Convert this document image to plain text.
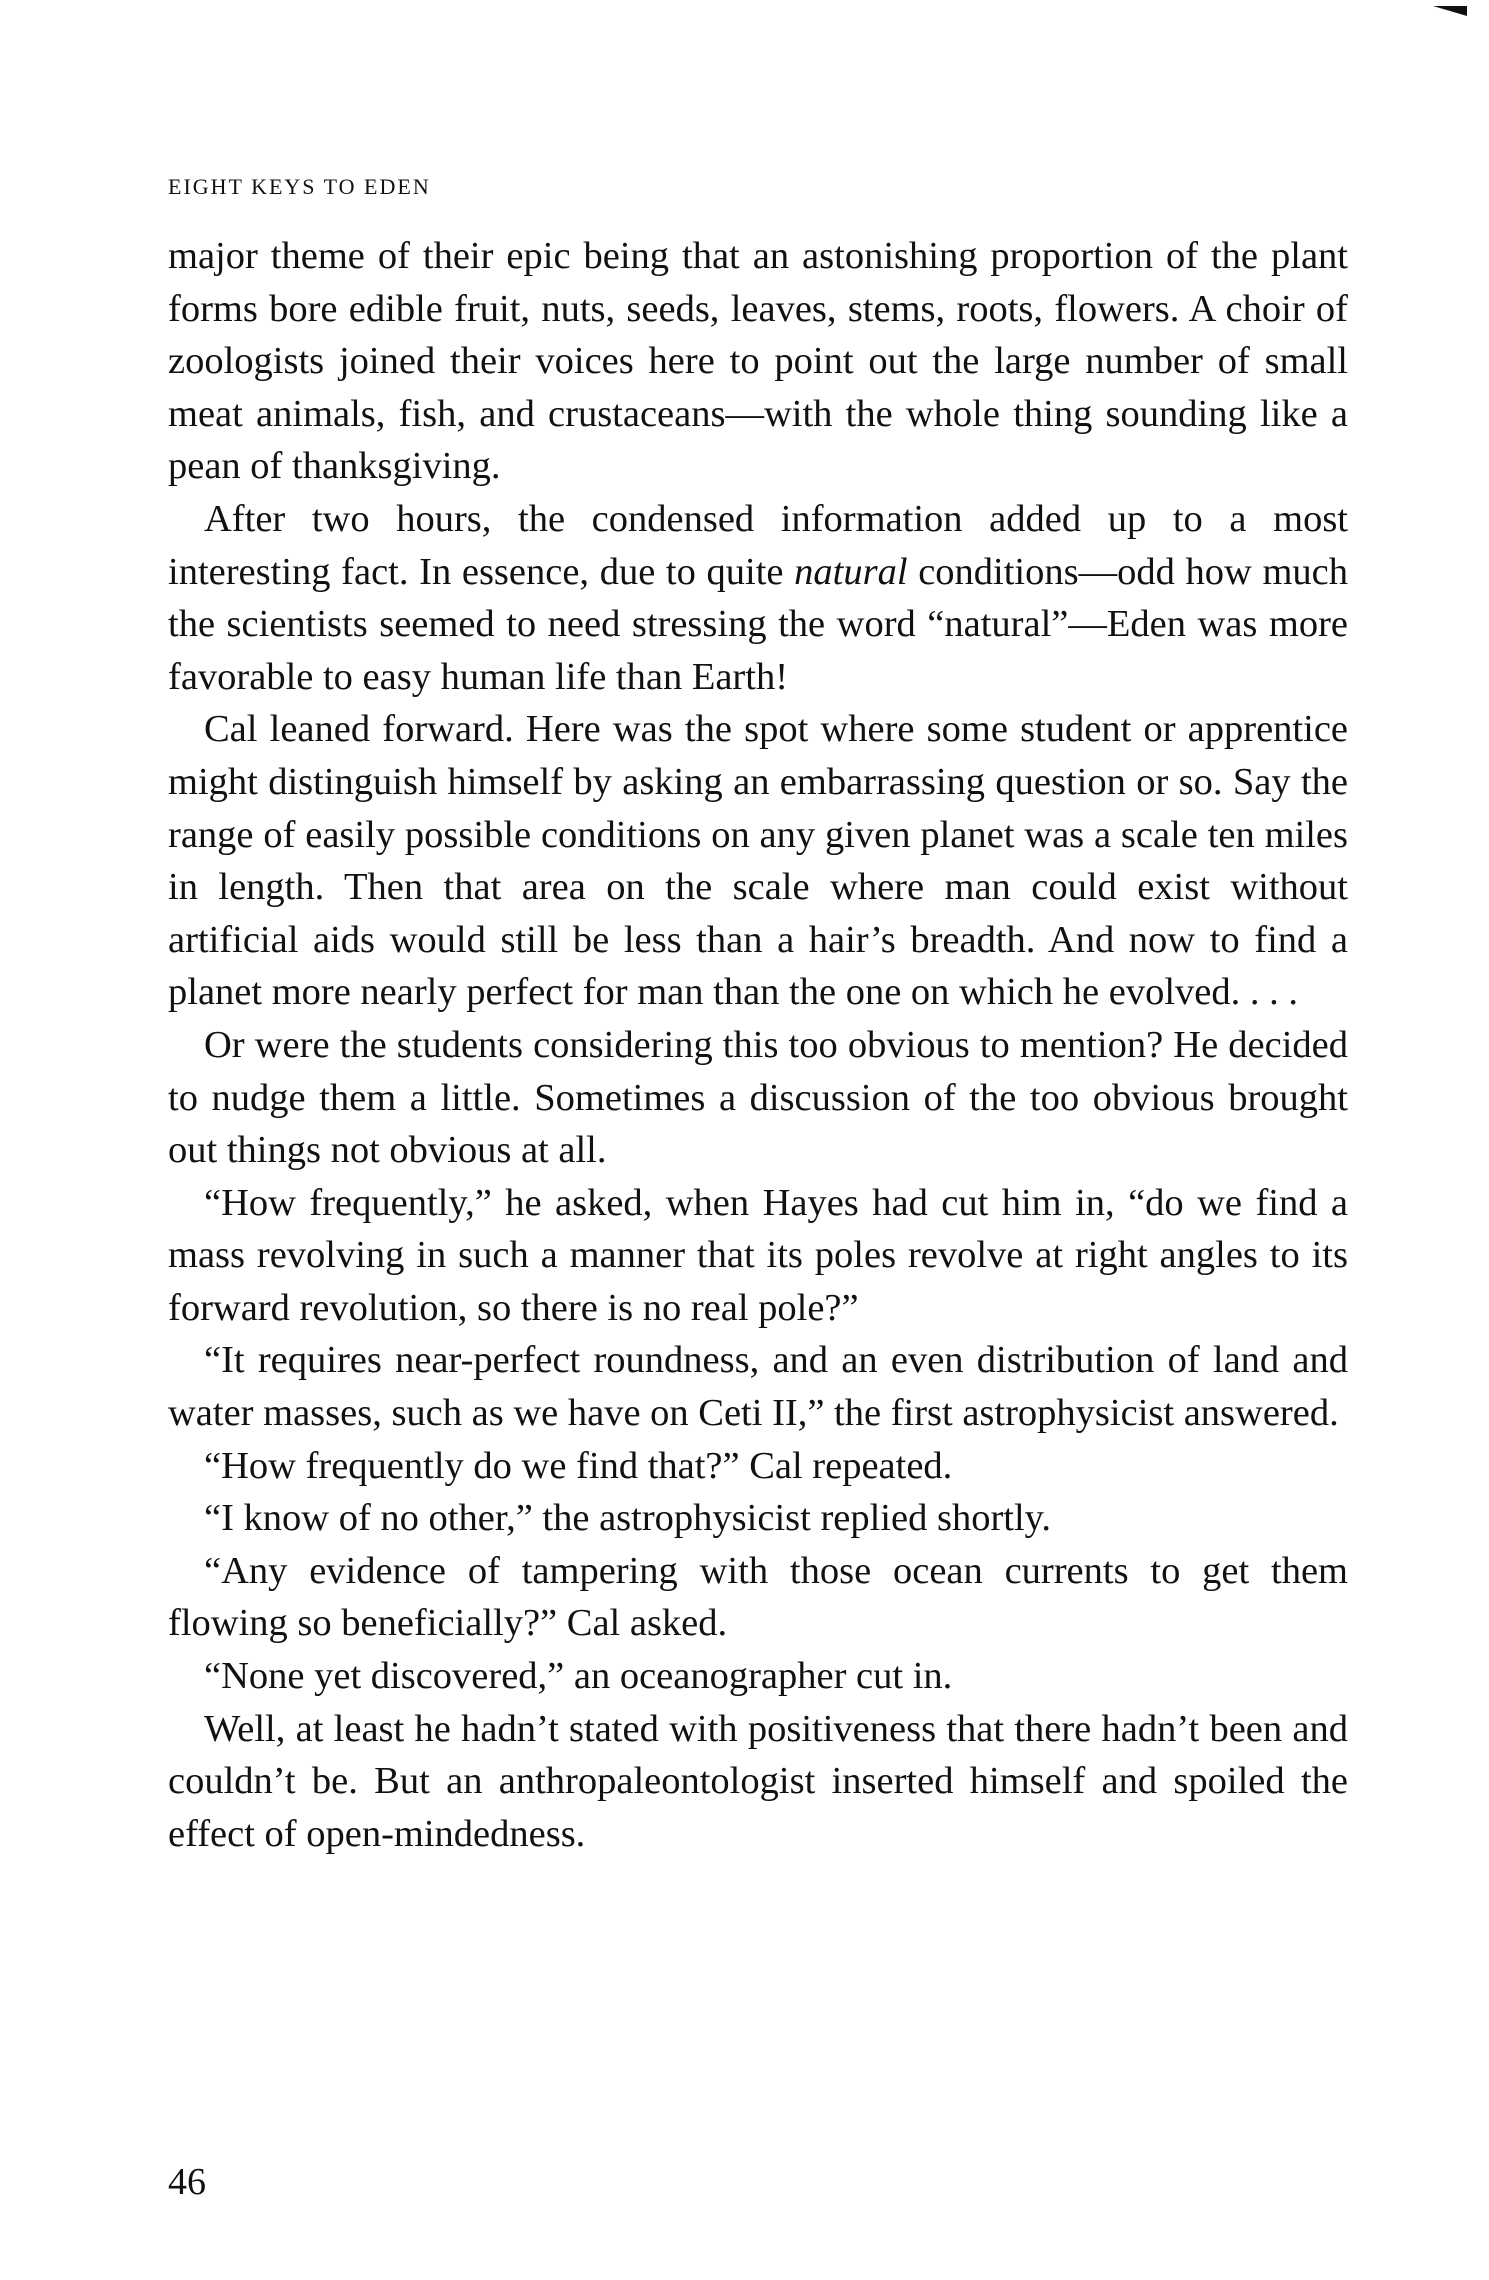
EIGHT KEYS TO EDEN

major theme of their epic being that an astonishing proportion of the plant forms bore edible fruit, nuts, seeds, leaves, stems, roots, flowers. A choir of zoologists joined their voices here to point out the large number of small meat animals, fish, and crustaceans—with the whole thing sounding like a pean of thanksgiving.

After two hours, the condensed information added up to a most interesting fact. In essence, due to quite natural conditions—odd how much the scientists seemed to need stressing the word “natural”—Eden was more favorable to easy human life than Earth!

Cal leaned forward. Here was the spot where some student or apprentice might distinguish himself by asking an embarrassing question or so. Say the range of easily possible conditions on any given planet was a scale ten miles in length. Then that area on the scale where man could exist without artificial aids would still be less than a hair’s breadth. And now to find a planet more nearly perfect for man than the one on which he evolved. . . .

Or were the students considering this too obvious to mention? He decided to nudge them a little. Sometimes a discussion of the too obvious brought out things not obvious at all.

“How frequently,” he asked, when Hayes had cut him in, “do we find a mass revolving in such a manner that its poles revolve at right angles to its forward revolution, so there is no real pole?”

“It requires near-perfect roundness, and an even distribution of land and water masses, such as we have on Ceti II,” the first astrophysicist answered.

“How frequently do we find that?” Cal repeated.

“I know of no other,” the astrophysicist replied shortly.

“Any evidence of tampering with those ocean currents to get them flowing so beneficially?” Cal asked.

“None yet discovered,” an oceanographer cut in.

Well, at least he hadn’t stated with positiveness that there hadn’t been and couldn’t be. But an anthropaleontologist inserted himself and spoiled the effect of open-mindedness.

46
